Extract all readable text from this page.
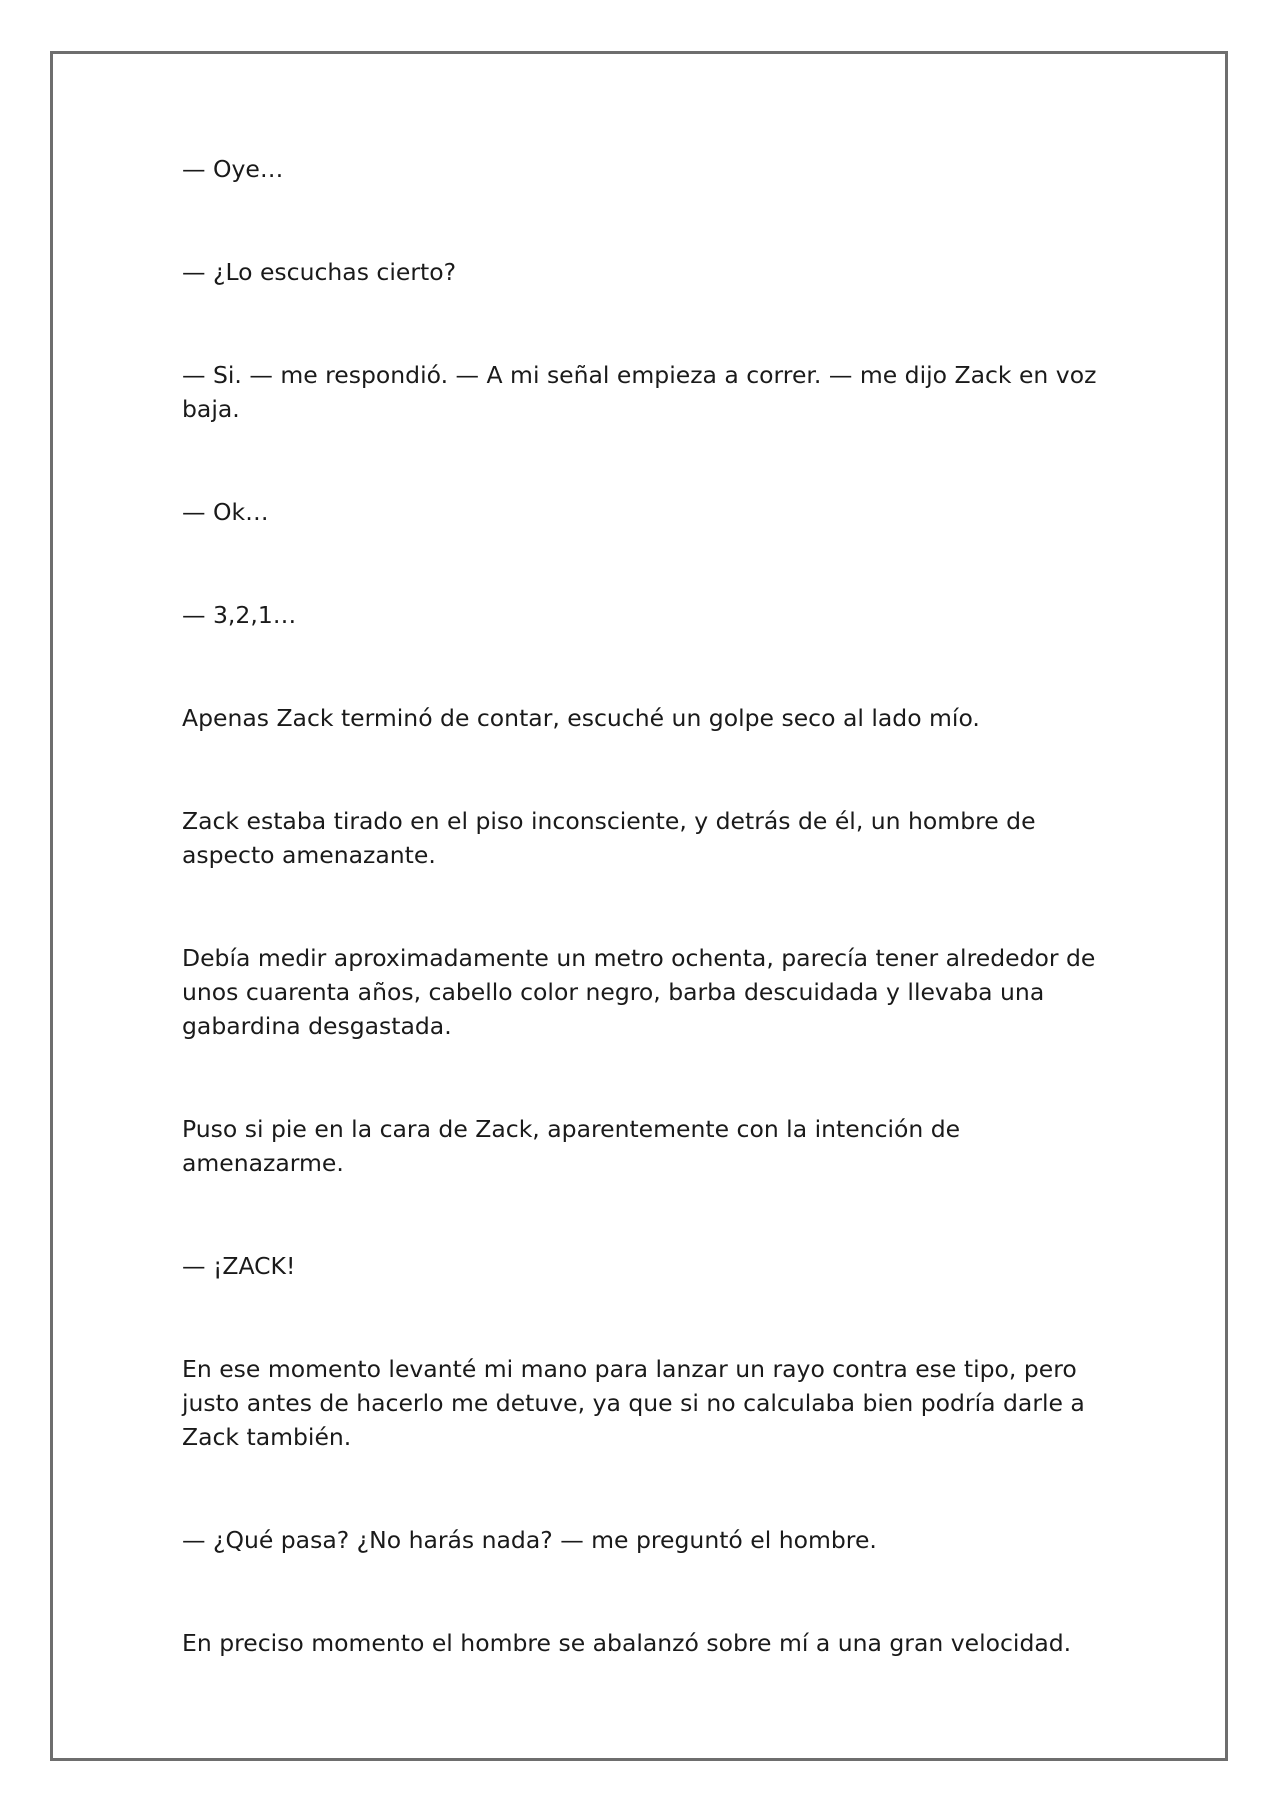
— Oye…

— ¿Lo escuchas cierto?

— Si. — me respondió. — A mi señal empieza a correr. — me dijo Zack en voz baja.

— Ok…

— 3,2,1…

Apenas Zack terminó de contar, escuché un golpe seco al lado mío.

Zack estaba tirado en el piso inconsciente, y detrás de él, un hombre de aspecto amenazante.

Debía medir aproximadamente un metro ochenta, parecía tener alrededor de unos cuarenta años, cabello color negro, barba descuidada y llevaba una gabardina desgastada.

Puso si pie en la cara de Zack, aparentemente con la intención de amenazarme.

— ¡ZACK!

En ese momento levanté mi mano para lanzar un rayo contra ese tipo, pero justo antes de hacerlo me detuve, ya que si no calculaba bien podría darle a Zack también.

— ¿Qué pasa? ¿No harás nada? — me preguntó el hombre.

En preciso momento el hombre se abalanzó sobre mí a una gran velocidad.
